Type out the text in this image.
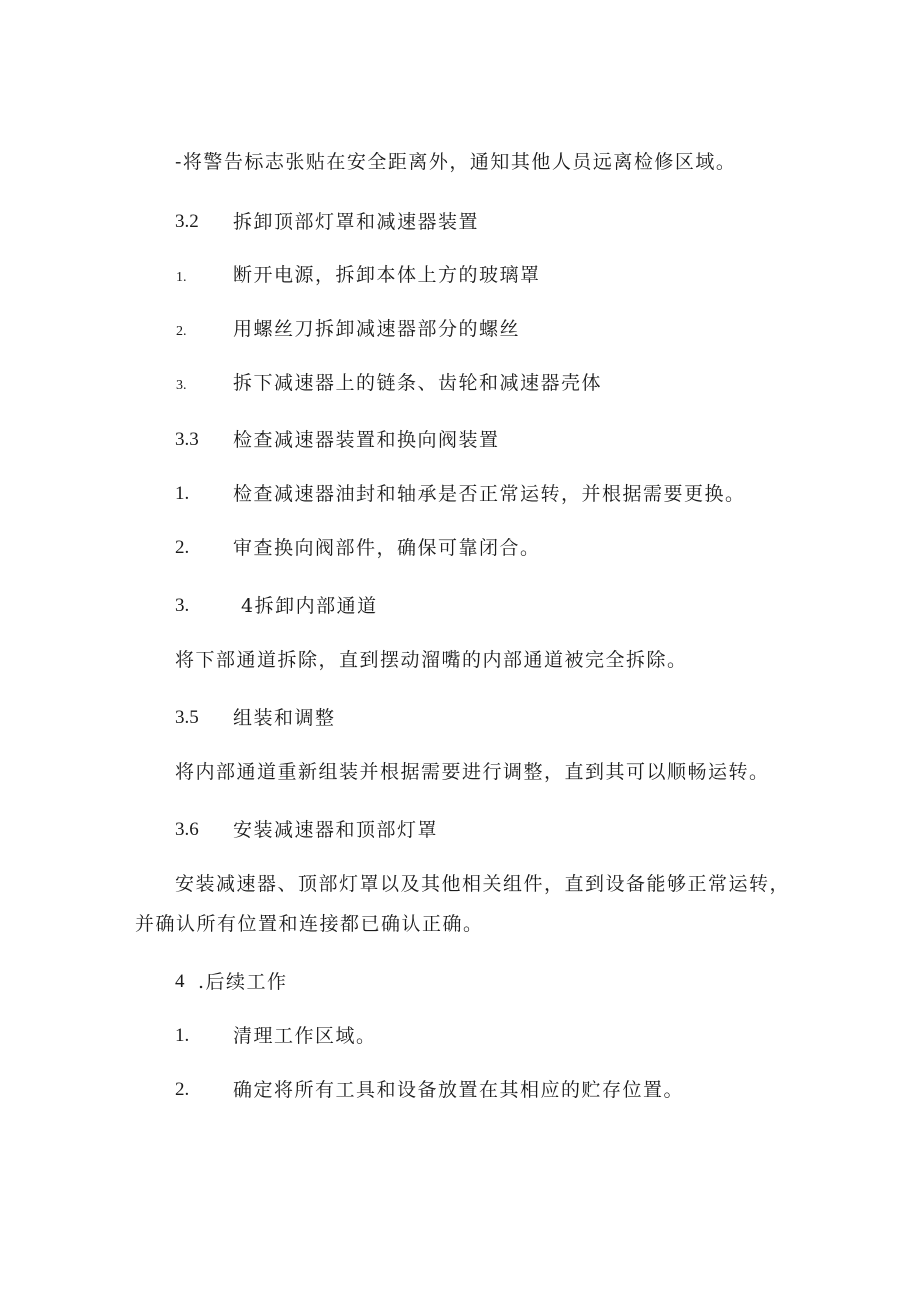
-将警告标志张贴在安全距离外，通知其他人员远离检修区域。
3.2 拆卸顶部灯罩和减速器装置
1. 断开电源，拆卸本体上方的玻璃罩
2. 用螺丝刀拆卸减速器部分的螺丝
3. 拆下减速器上的链条、齿轮和减速器壳体
3.3 检查减速器装置和换向阀装置
1. 检查减速器油封和轴承是否正常运转，并根据需要更换。
2. 审查换向阀部件，确保可靠闭合。
3.	4拆卸内部通道
将下部通道拆除，直到摆动溜嘴的内部通道被完全拆除。
3.5 组装和调整
将内部通道重新组装并根据需要进行调整，直到其可以顺畅运转。
3.6 安装减速器和顶部灯罩
安装减速器、顶部灯罩以及其他相关组件，直到设备能够正常运转，
并确认所有位置和连接都已确认正确。
4 .后续工作
1. 清理工作区域。
2. 确定将所有工具和设备放置在其相应的贮存位置。
